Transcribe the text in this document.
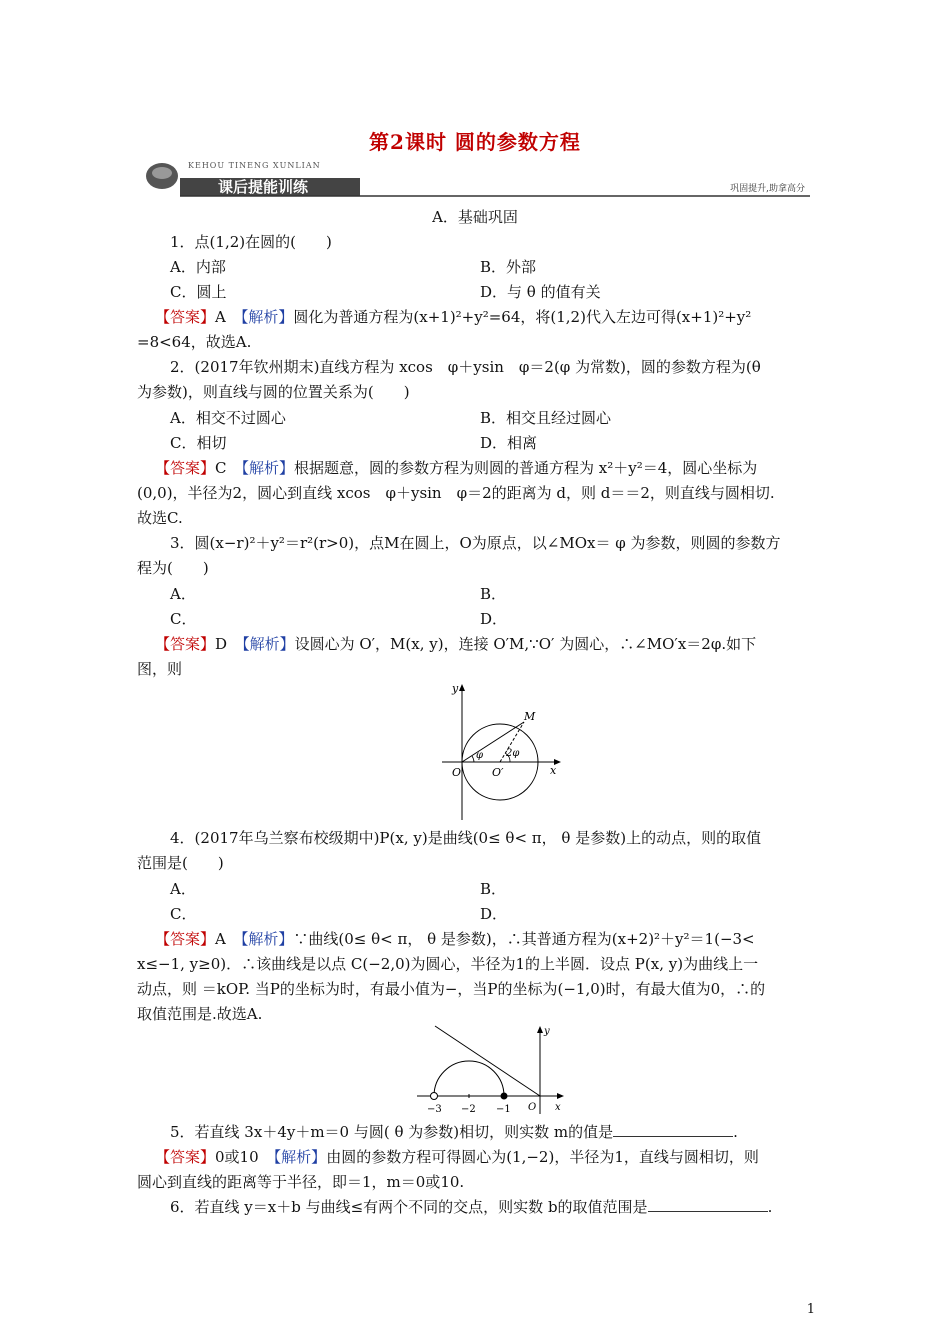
第2课时 圆的参数方程
KEHOU TINENG XUNLIAN
课后提能训练	巩固提升,助拿高分
A．基础巩固
1．点(1,2)在圆的(　　)
A．内部	B．外部
C．圆上	D．与 θ 的值有关
【答案】A　 【解析】圆化为普通方程为(x+1)²+y²=64，将(1,2)代入左边可得(x+1)²+y²
=8<64，故选A.
2．(2017年钦州期末)直线方程为 xcos　φ＋ysin　φ＝2(φ 为常数)，圆的参数方程为(θ
为参数)，则直线与圆的位置关系为(　　)
A．相交不过圆心	B．相交且经过圆心
C．相切	D．相离
【答案】C　 【解析】根据题意，圆的参数方程为则圆的普通方程为 x²＋y²＝4，圆心坐标为
(0,0)，半径为2，圆心到直线 xcos　φ＋ysin　φ＝2的距离为 d，则 d＝＝2，则直线与圆相切.
故选C.
3．圆(x−r)²＋y²＝r²(r>0)，点M在圆上，O为原点，以∠MOx＝ φ 为参数，则圆的参数方
程为(　　)
A．	B．
C．	D．
【答案】D　 【解析】设圆心为 O′，M(x, y)，连接 O′M,∵O′ 为圆心，∴∠MO′x＝2φ.如下
图，则
y
x
O	O′
M
φ 2φ
4．(2017年乌兰察布校级期中)P(x, y)是曲线(0≤ θ< π， θ 是参数)上的动点，则的取值
范围是(　　)
A．	B．
C．	D．
【答案】A　 【解析】∵曲线(0≤ θ< π， θ 是参数)，∴其普通方程为(x+2)²＋y²＝1(−3<
x≤−1, y≥0)．∴该曲线是以点 C(−2,0)为圆心，半径为1的上半圆．设点 P(x, y)为曲线上一
动点，则 ＝kOP. 当P的坐标为时，有最小值为−，当P的坐标为(−1,0)时，有最大值为0，∴的
取值范围是.故选A.
y
x
O
−3 −2 −1
5．若直线 3x＋4y＋m＝0 与圆( θ 为参数)相切，则实数 m的值是	.
【答案】0或10　 【解析】由圆的参数方程可得圆心为(1,−2)，半径为1，直线与圆相切，则
圆心到直线的距离等于半径，即＝1，m＝0或10.
6．若直线 y＝x＋b 与曲线≤有两个不同的交点，则实数 b的取值范围是	.
1
